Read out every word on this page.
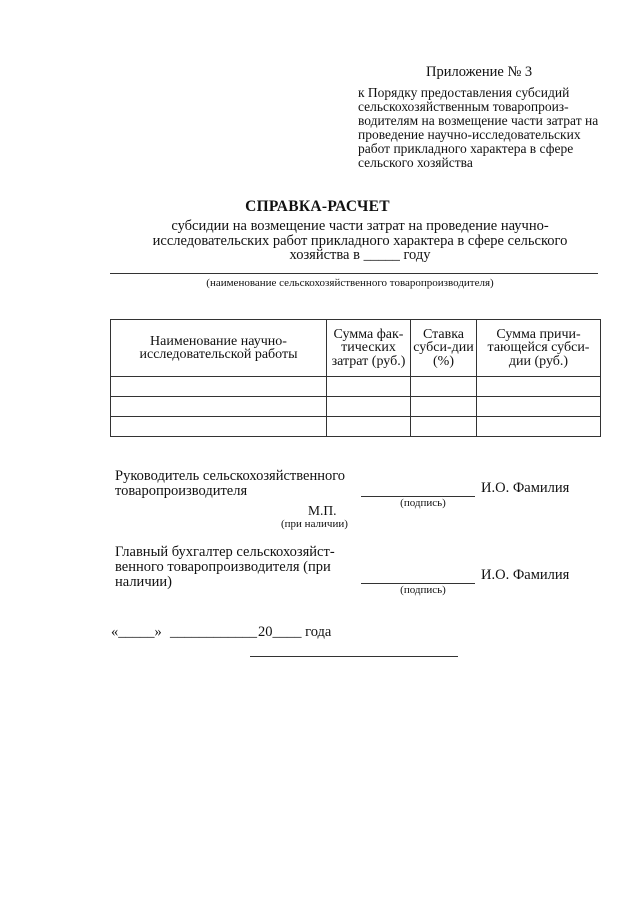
Приложение № 3
к Порядку предоставления субсидий сельскохозяйственным товаропроиз-водителям на возмещение части затрат на проведение научно-исследовательских работ прикладного характера в сфере сельского хозяйства
СПРАВКА-РАСЧЕТ
субсидии на возмещение части затрат на проведение научно-исследовательских работ прикладного характера в сфере сельского хозяйства в _____ году
(наименование сельскохозяйственного товаропроизводителя)
Наименование научно-исследовательской работы	Сумма фак-тических затрат (руб.)	Ставка субси-дии (%)	Сумма причи-тающейся субси-дии (руб.)

Руководитель сельскохозяйственного товаропроизводителя
(подпись)
И.О. Фамилия
М.П.
(при наличии)
Главный бухгалтер сельскохозяйст-венного товаропроизводителя (при наличии)	(подпись)
И.О. Фамилия
«_____» ____________ 20____ года
